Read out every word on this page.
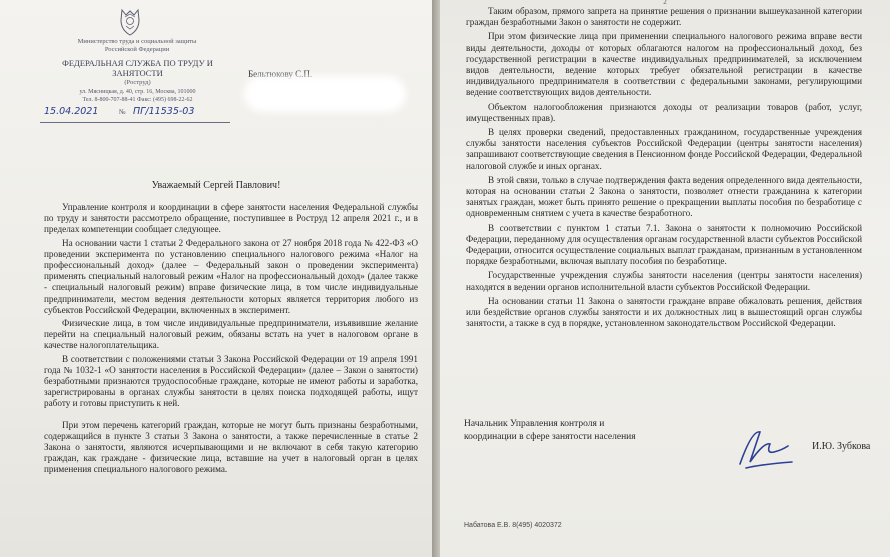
Министерство труда и социальной защиты Российской Федерации
ФЕДЕРАЛЬНАЯ СЛУЖБА ПО ТРУДУ И ЗАНЯТОСТИ
(Роструд)
ул. Мясницкая, д. 40, стр. 16, Москва, 101000
Тел. 8-800-707-88-41 Факс: (495) 698-22-62
15.04.2021	№ ПГ/11535-03
Бельтюкову С.П.
Уважаемый Сергей Павлович!

Управление контроля и координации в сфере занятости населения Федеральной службы по труду и занятости рассмотрело обращение, поступившее в Роструд 12 апреля 2021 г., и в пределах компетенции сообщает следующее.

На основании части 1 статьи 2 Федерального закона от 27 ноября 2018 года № 422-ФЗ «О проведении эксперимента по установлению специального налогового режима «Налог на профессиональный доход» (далее – Федеральный закон о проведении эксперимента) применять специальный налоговый режим «Налог на профессиональный доход» (далее также - специальный налоговый режим) вправе физические лица, в том числе индивидуальные предприниматели, местом ведения деятельности которых является территория любого из субъектов Российской Федерации, включенных в эксперимент.

Физические лица, в том числе индивидуальные предприниматели, изъявившие желание перейти на специальный налоговый режим, обязаны встать на учет в налоговом органе в качестве налогоплательщика.

В соответствии с положениями статьи 3 Закона Российской Федерации от 19 апреля 1991 года № 1032-1 «О занятости населения в Российской Федерации» (далее – Закон о занятости) безработными признаются трудоспособные граждане, которые не имеют работы и заработка, зарегистрированы в органах службы занятости в целях поиска подходящей работы, ищут работу и готовы приступить к ней.

При этом перечень категорий граждан, которые не могут быть признаны безработными, содержащийся в пункте 3 статьи 3 Закона о занятости, а также перечисленные в статье 2 Закона о занятости, являются исчерпывающими и не включают в себя такую категорию граждан, как граждане - физические лица, вставшие на учет в налоговый орган в целях применения специального налогового режима.

2

Таким образом, прямого запрета на принятие решения о признании вышеуказанной категории граждан безработными Закон о занятости не содержит.

При этом физические лица при применении специального налогового режима вправе вести виды деятельности, доходы от которых облагаются налогом на профессиональный доход, без государственной регистрации в качестве индивидуальных предпринимателей, за исключением видов деятельности, ведение которых требует обязательной регистрации в качестве индивидуального предпринимателя в соответствии с федеральными законами, регулирующими ведение соответствующих видов деятельности.

Объектом налогообложения признаются доходы от реализации товаров (работ, услуг, имущественных прав).

В целях проверки сведений, предоставленных гражданином, государственные учреждения службы занятости населения субъектов Российской Федерации (центры занятости населения) запрашивают соответствующие сведения в Пенсионном фонде Российской Федерации, Федеральной налоговой службе и иных органах.

В этой связи, только в случае подтверждения факта ведения определенного вида деятельности, которая на основании статьи 2 Закона о занятости, позволяет отнести гражданина к категории занятых граждан, может быть принято решение о прекращении выплаты пособия по безработице с одновременным снятием с учета в качестве безработного.

В соответствии с пунктом 1 статьи 7.1. Закона о занятости к полномочию Российской Федерации, переданному для осуществления органам государственной власти субъектов Российской Федерации, относится осуществление социальных выплат гражданам, признанным в установленном порядке безработными, включая выплату пособия по безработице.

Государственные учреждения службы занятости населения (центры занятости населения) находятся в ведении органов исполнительной власти субъектов Российской Федерации.

На основании статьи 11 Закона о занятости граждане вправе обжаловать решения, действия или бездействие органов службы занятости и их должностных лиц в вышестоящий орган службы занятости, а также в суд в порядке, установленном законодательством Российской Федерации.

Начальник Управления контроля и координации в сфере занятости населения
И.Ю. Зубкова
Набатова Е.В. 8(495) 4020372
